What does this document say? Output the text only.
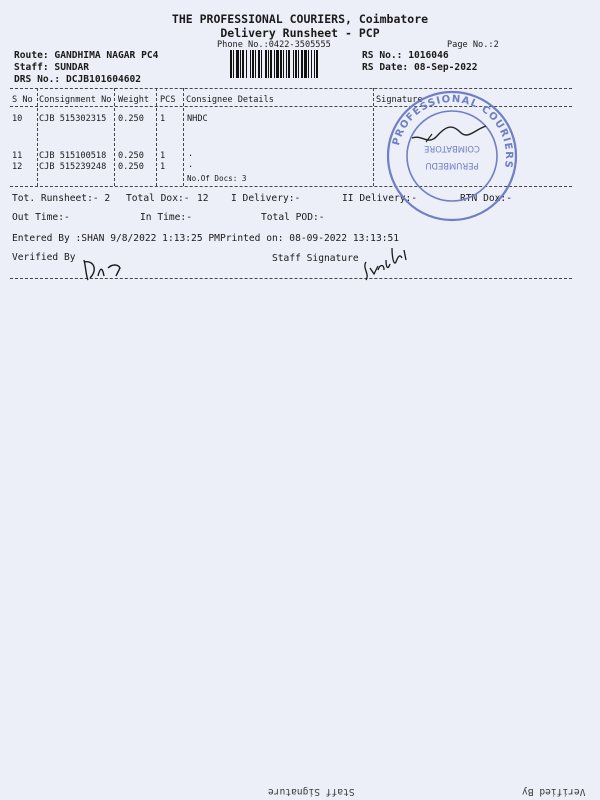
THE PROFESSIONAL COURIERS, Coimbatore
Delivery Runsheet - PCP
Phone No.:0422-3505555	Page No.:2
Route: GANDHIMA NAGAR PC4
Staff: SUNDAR
DRS No.: DCJB101604602
RS No.: 1016046
RS Date: 08-Sep-2022
S No Consignment No Weight PCS Consignee Details	Signature
10 CJB 515302315 0.250 1	NHDC
11 CJB 515100518 0.250 1	.
12 CJB 515239248 0.250 1	.
No.Of Docs: 3
Tot. Runsheet:- 2 Total Dox:- 12 I Delivery:-	II Delivery:-	RTN Dox:-
Out Time:-	In Time:-	Total POD:-
Entered By :SHAN 9/8/2022 1:13:25 PM Printed on: 08-09-2022 13:13:51
Verified By	Staff Signature
PROFESSIONAL COURIERS
PERUMBEDU
COIMBATORE
Staff Signature	Verified By
